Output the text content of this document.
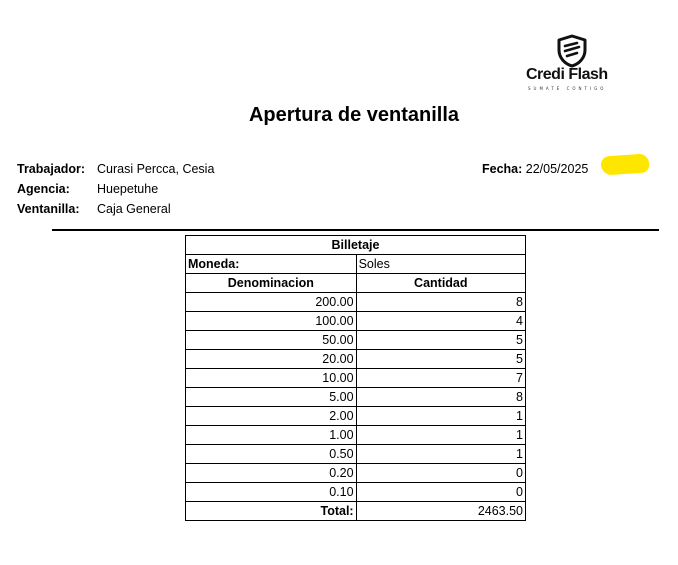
Credi Flash
SUMATE CONTIGO
Apertura de ventanilla
Trabajador: Curasi Percca, Cesia
Agencia: Huepetuhe
Ventanilla: Caja General
Fecha: 22/05/2025
Billetaje	
Moneda:	Soles
Denominacion	Cantidad
200.00	8
100.00	4
50.00	5
20.00	5
10.00	7
5.00	8
2.00	1
1.00	1
0.50	1
0.20	0
0.10	0
Total:	2463.50
